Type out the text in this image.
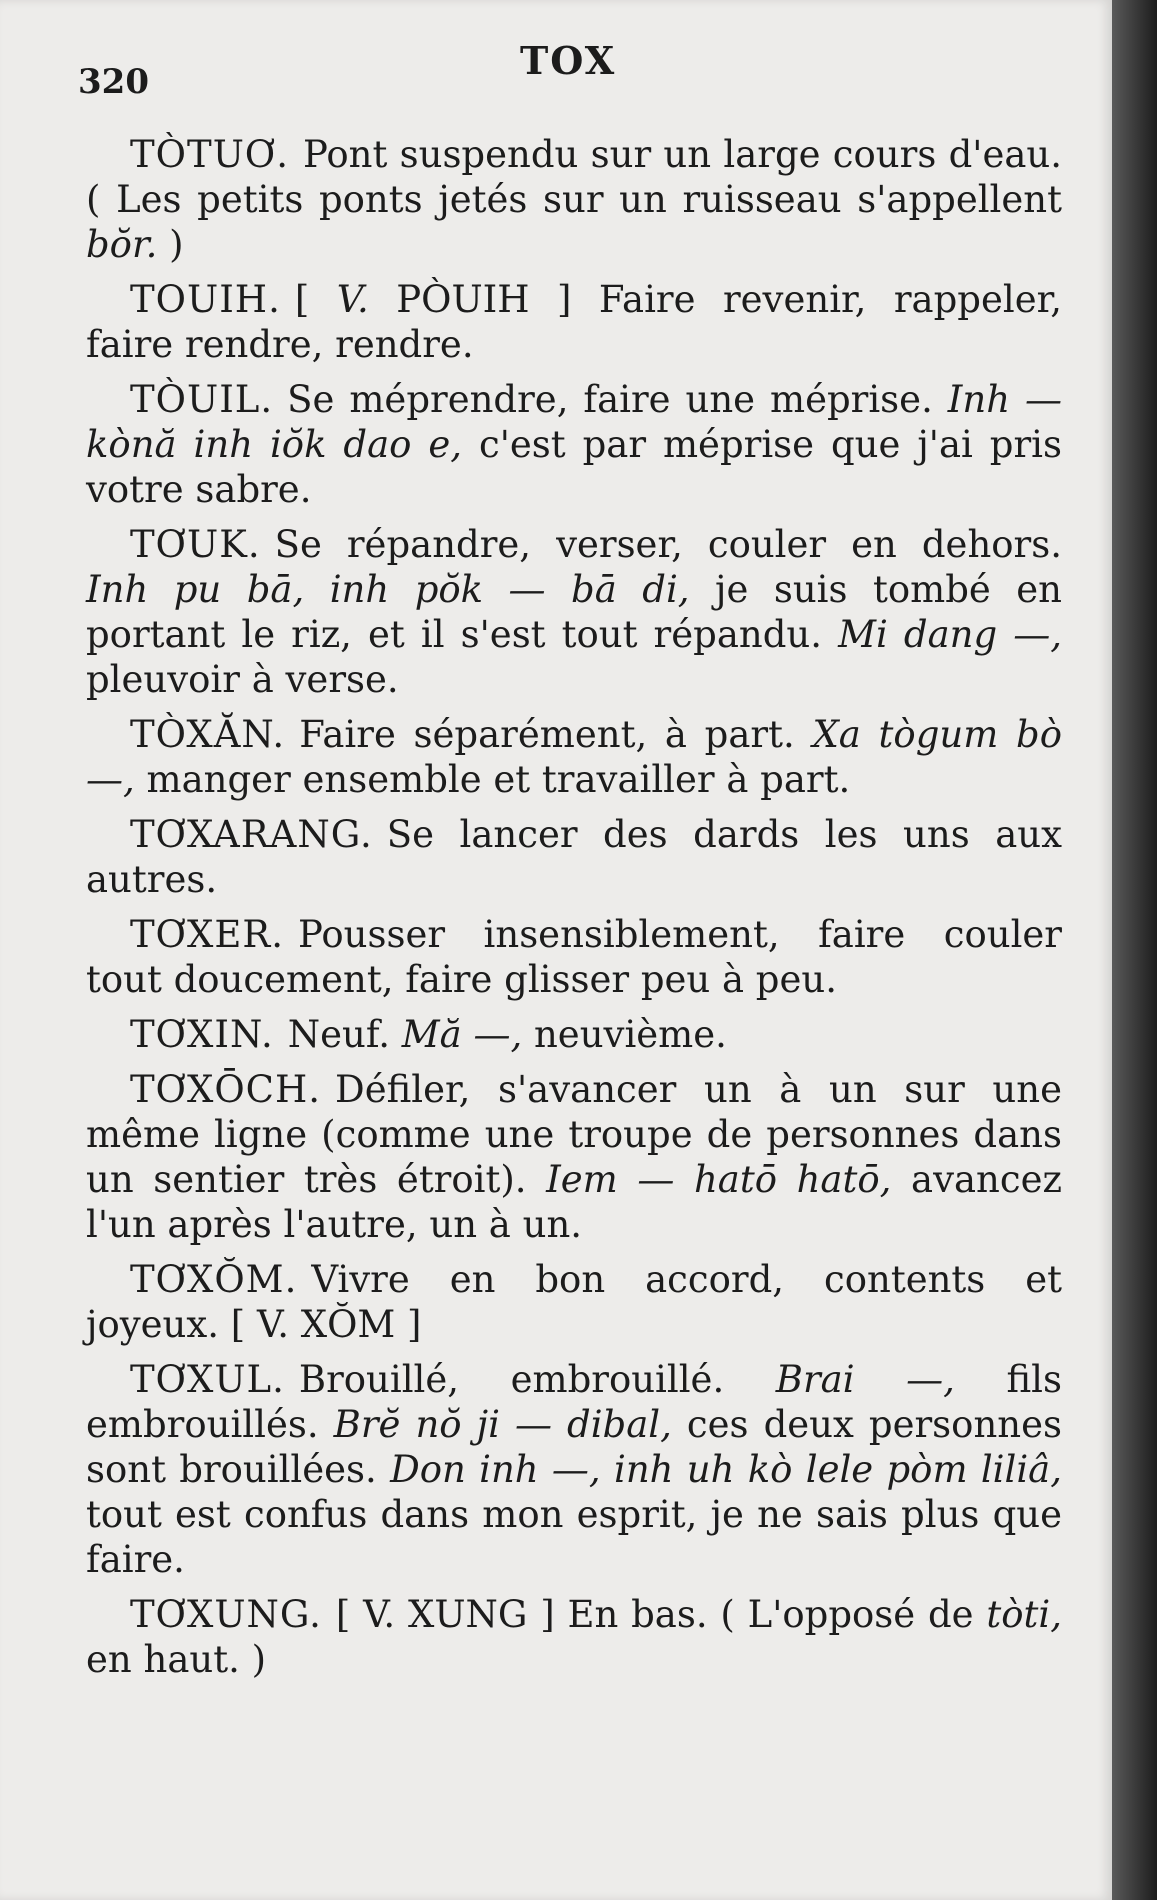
320	TOX

TÒTUƠ. Pont suspendu sur un large cours d'eau. ( Les petits ponts jetés sur un ruisseau s'appellent bŏr. )

TOUIH. [ V. PÒUIH ] Faire revenir, rappeler, faire rendre, rendre.

TÒUIL. Se méprendre, faire une méprise. Inh — kònă inh iŏk dao e, c'est par méprise que j'ai pris votre sabre.

TƠUK. Se répandre, verser, couler en dehors. Inh pu bā, inh pŏk — bā di, je suis tombé en portant le riz, et il s'est tout répandu. Mi dang —, pleuvoir à verse.

TÒXĂN. Faire séparément, à part. Xa tògum bò —, manger ensemble et travailler à part.

TƠXARANG. Se lancer des dards les uns aux autres.

TƠXER. Pousser insensiblement, faire couler tout doucement, faire glisser peu à peu.

TƠXIN. Neuf. Mă —, neuvième.

TƠXŌCH. Défiler, s'avancer un à un sur une même ligne (comme une troupe de personnes dans un sentier très étroit). Iem — hatō hatō, avancez l'un après l'autre, un à un.

TƠXŎM. Vivre en bon accord, contents et joyeux. [ V. XŎM ]

TƠXUL. Brouillé, embrouillé. Brai —, fils embrouillés. Brĕ nŏ ji — dibal, ces deux personnes sont brouillées. Don inh —, inh uh kò lele pòm liliâ, tout est confus dans mon esprit, je ne sais plus que faire.

TƠXUNG. [ V. XUNG ] En bas. ( L'opposé de tòti, en haut. )
